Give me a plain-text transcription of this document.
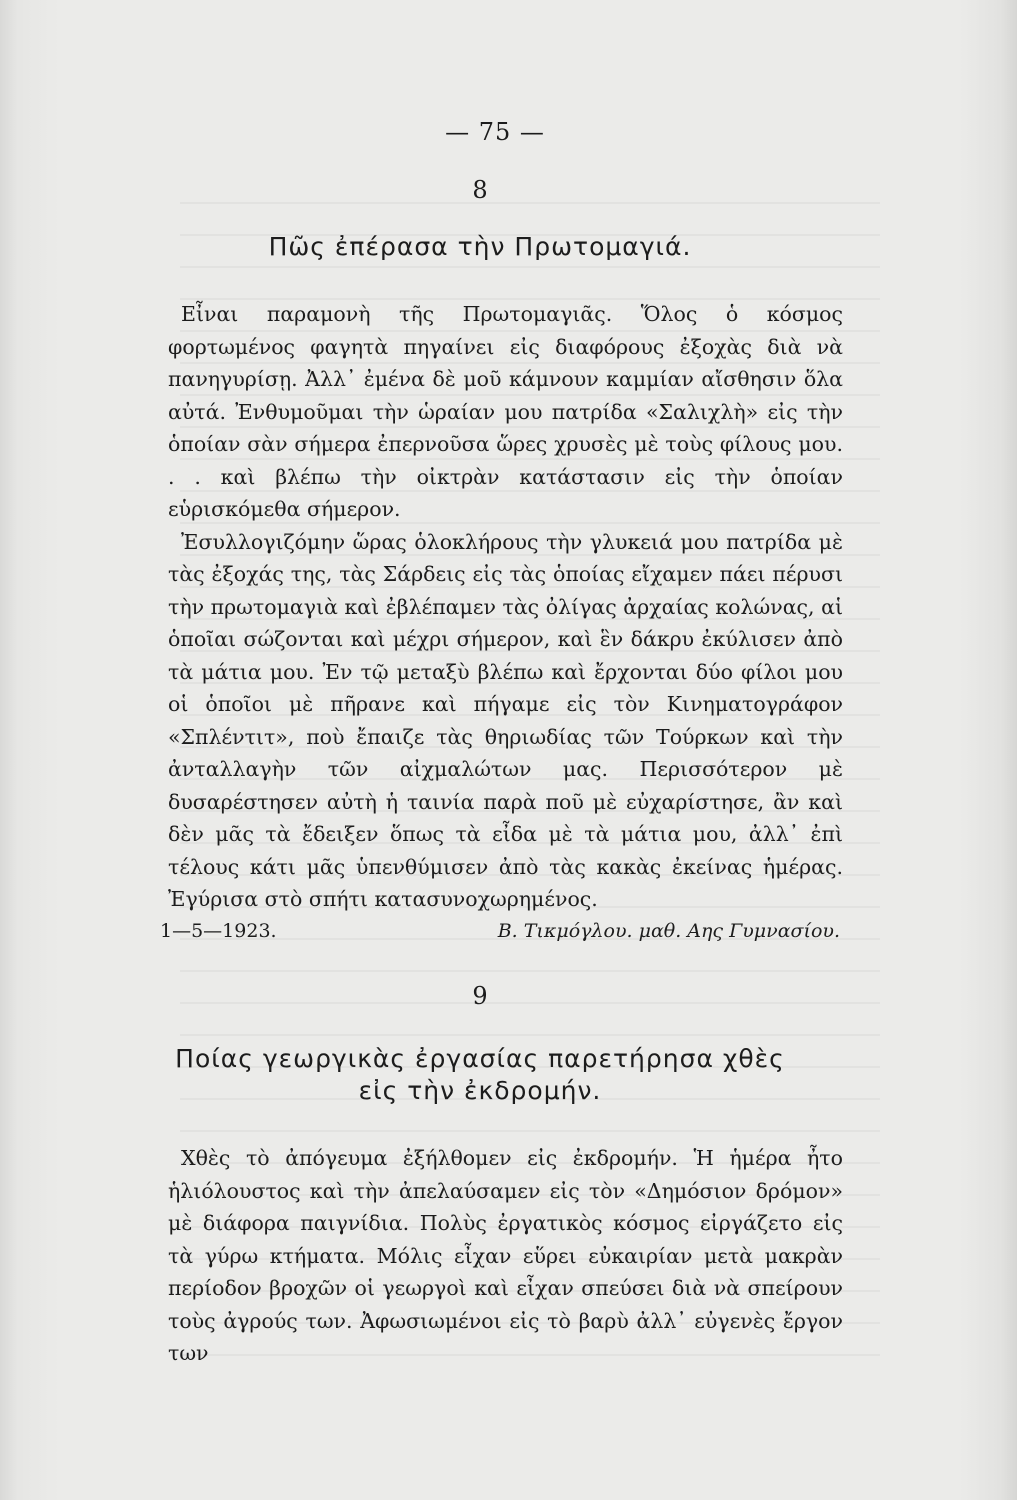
— 75 —
8
Πῶς ἐπέρασα τὴν Πρωτομαγιά.

Εἶναι παραμονὴ τῆς Πρωτομαγιᾶς. Ὅλος ὁ κόσμος φορτωμένος φαγητὰ πηγαίνει εἰς διαφόρους ἐξοχὰς διὰ νὰ πανηγυρίσῃ. Ἀλλ᾽ ἐμένα δὲ μοῦ κάμνουν καμμίαν αἴσθησιν ὅλα αὐτά. Ἐνθυμοῦμαι τὴν ὡραίαν μου πατρίδα «Σαλιχλὴ» εἰς τὴν ὁποίαν σὰν σήμερα ἐπερνοῦσα ὥρες χρυσὲς μὲ τοὺς φίλους μου. . . καὶ βλέπω τὴν οἰκτρὰν κατάστασιν εἰς τὴν ὁποίαν εὑρισκόμεθα σήμερον.

Ἐσυλλογιζόμην ὥρας ὁλοκλήρους τὴν γλυκειά μου πατρίδα μὲ τὰς ἐξοχάς της, τὰς Σάρδεις εἰς τὰς ὁποίας εἴχαμεν πάει πέρυσι τὴν πρωτομαγιὰ καὶ ἐβλέπαμεν τὰς ὀλίγας ἀρχαίας κολώνας, αἱ ὁποῖαι σώζονται καὶ μέχρι σήμερον, καὶ ἓν δάκρυ ἐκύλισεν ἀπὸ τὰ μάτια μου. Ἐν τῷ μεταξὺ βλέπω καὶ ἔρχονται δύο φίλοι μου οἱ ὁποῖοι μὲ πῆρανε καὶ πήγαμε εἰς τὸν Κινηματογράφον «Σπλέντιτ», ποὺ ἔπαιζε τὰς θηριωδίας τῶν Τούρκων καὶ τὴν ἀνταλλαγὴν τῶν αἰχμαλώτων μας. Περισσότερον μὲ δυσαρέστησεν αὐτὴ ἡ ταινία παρὰ ποῦ μὲ εὐχαρίστησε, ἂν καὶ δὲν μᾶς τὰ ἔδειξεν ὅπως τὰ εἶδα μὲ τὰ μάτια μου, ἀλλ᾽ ἐπὶ τέλους κάτι μᾶς ὑπενθύμισεν ἀπὸ τὰς κακὰς ἐκείνας ἡμέρας. Ἐγύρισα στὸ σπήτι κατασυνοχωρημένος.

1—5—1923.	Β. Τικμόγλου. μαθ. Αης Γυμνασίου.
9
Ποίας γεωργικὰς ἐργασίας παρετήρησα χθὲς
εἰς τὴν ἐκδρομήν.

Χθὲς τὸ ἀπόγευμα ἐξήλθομεν εἰς ἐκδρομήν. Ἡ ἡμέρα ἦτο ἡλιόλουστος καὶ τὴν ἀπελαύσαμεν εἰς τὸν «Δημόσιον δρόμον» μὲ διάφορα παιγνίδια. Πολὺς ἐργατικὸς κόσμος εἰργάζετο εἰς τὰ γύρω κτήματα. Μόλις εἶχαν εὕρει εὐκαιρίαν μετὰ μακρὰν περίοδον βροχῶν οἱ γεωργοὶ καὶ εἶχαν σπεύσει διὰ νὰ σπείρουν τοὺς ἀγρούς των. Ἀφωσιωμένοι εἰς τὸ βαρὺ ἀλλ᾽ εὐγενὲς ἔργον των
